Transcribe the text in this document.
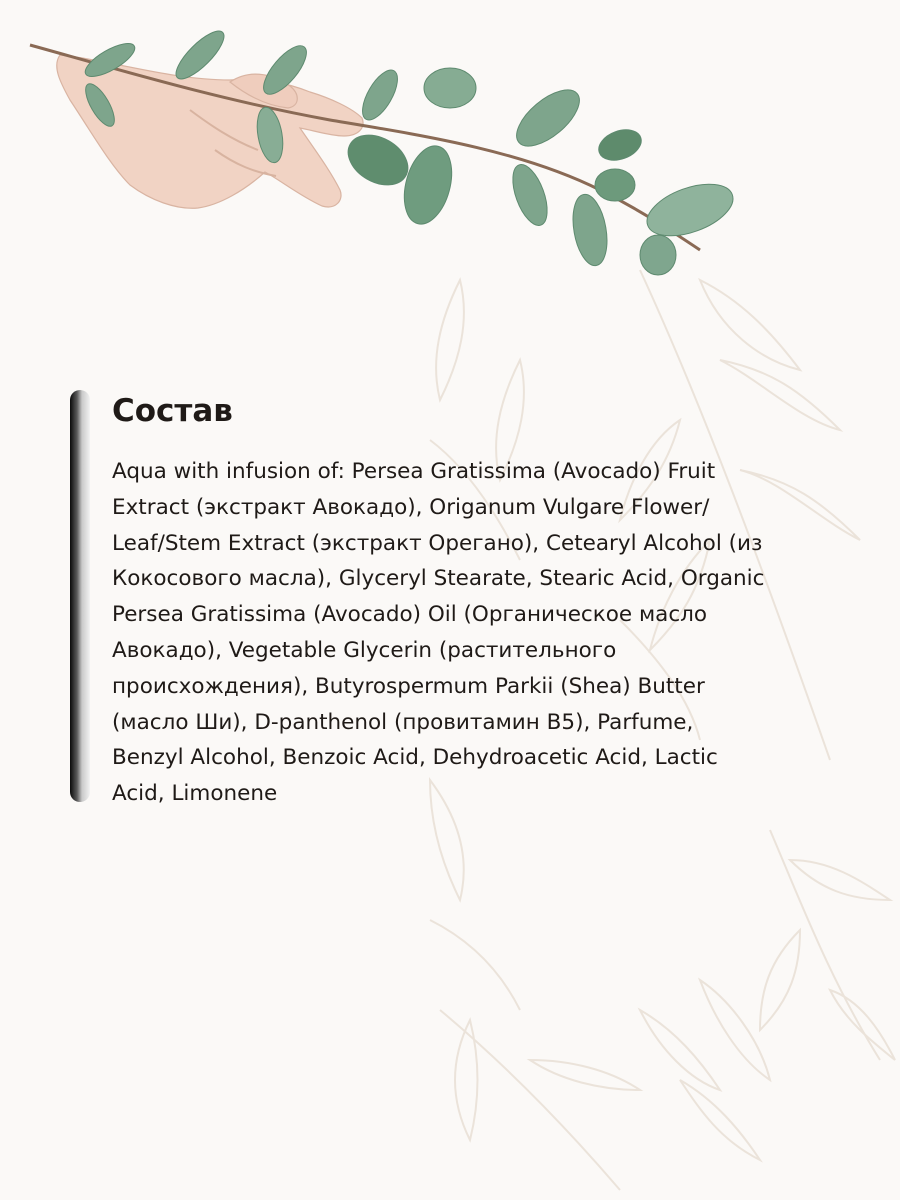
Состав
Aqua with infusion of: Persea Gratissima (Avocado) Fruit
Extract (экстракт Авокадо), Origanum Vulgare Flower/
Leaf/Stem Extract (экстракт Орегано), Cetearyl Alcohol (из
Кокосового масла), Glyceryl Stearate, Stearic Acid, Organic
Persea Gratissima (Avocado) Oil (Органическое масло
Авокадо), Vegetable Glycerin (растительного
происхождения), Butyrospermum Parkii (Shea) Butter
(масло Ши), D-panthenol (провитамин B5), Parfume,
Benzyl Alcohol, Benzoic Acid, Dehydroacetic Acid, Lactic
Acid, Limonene
